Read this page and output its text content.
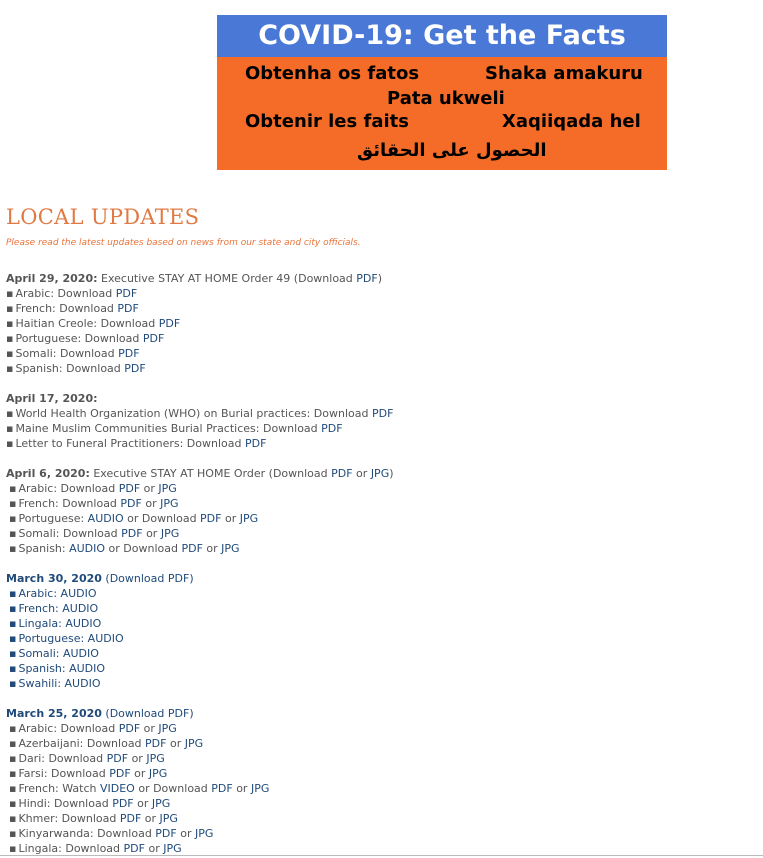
COVID-19: Get the Facts
Obtenha os fatos	Shaka amakuru
Pata ukweli
Obtenir les faits	Xaqiiqada hel
الحصول على الحقائق
LOCAL UPDATES
Please read the latest updates based on news from our state and city officials.
April 29, 2020: Executive STAY AT HOME Order 49 (Download PDF)
▪ Arabic: Download PDF
▪ French: Download PDF
▪ Haitian Creole: Download PDF
▪ Portuguese: Download PDF
▪ Somali: Download PDF
▪ Spanish: Download PDF
April 17, 2020:
▪ World Health Organization (WHO) on Burial practices: Download PDF
▪ Maine Muslim Communities Burial Practices: Download PDF
▪ Letter to Funeral Practitioners: Download PDF
April 6, 2020: Executive STAY AT HOME Order (Download PDF or JPG)
▪ Arabic: Download PDF or JPG
▪ French: Download PDF or JPG
▪ Portuguese: AUDIO or Download PDF or JPG
▪ Somali: Download PDF or JPG
▪ Spanish: AUDIO or Download PDF or JPG
March 30, 2020 (Download PDF)
▪ Arabic: AUDIO
▪ French: AUDIO
▪ Lingala: AUDIO
▪ Portuguese: AUDIO
▪ Somali: AUDIO
▪ Spanish: AUDIO
▪ Swahili: AUDIO
March 25, 2020 (Download PDF)
▪ Arabic: Download PDF or JPG
▪ Azerbaijani: Download PDF or JPG
▪ Dari: Download PDF or JPG
▪ Farsi: Download PDF or JPG
▪ French: Watch VIDEO or Download PDF or JPG
▪ Hindi: Download PDF or JPG
▪ Khmer: Download PDF or JPG
▪ Kinyarwanda: Download PDF or JPG
▪ Lingala: Download PDF or JPG
